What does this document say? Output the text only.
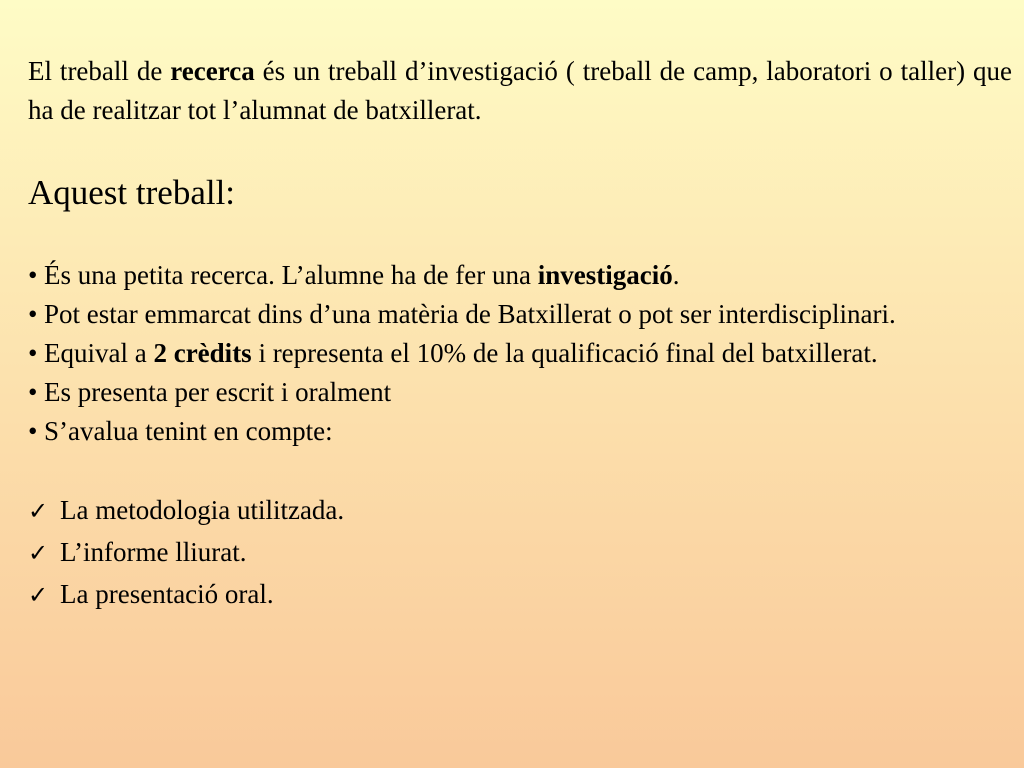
El treball de recerca és un treball d’investigació ( treball de camp, laboratori o taller) que ha de realitzar tot l’alumnat de batxillerat.

Aquest treball:
• És una petita recerca. L’alumne ha de fer una investigació.
• Pot estar emmarcat dins d’una matèria de Batxillerat o pot ser interdisciplinari.
• Equival a 2 crèdits i representa el 10% de la qualificació final del batxillerat.
• Es presenta per escrit i oralment
• S’avalua tenint en compte:
✓ La metodologia utilitzada.
✓ L’informe lliurat.
✓ La presentació oral.
